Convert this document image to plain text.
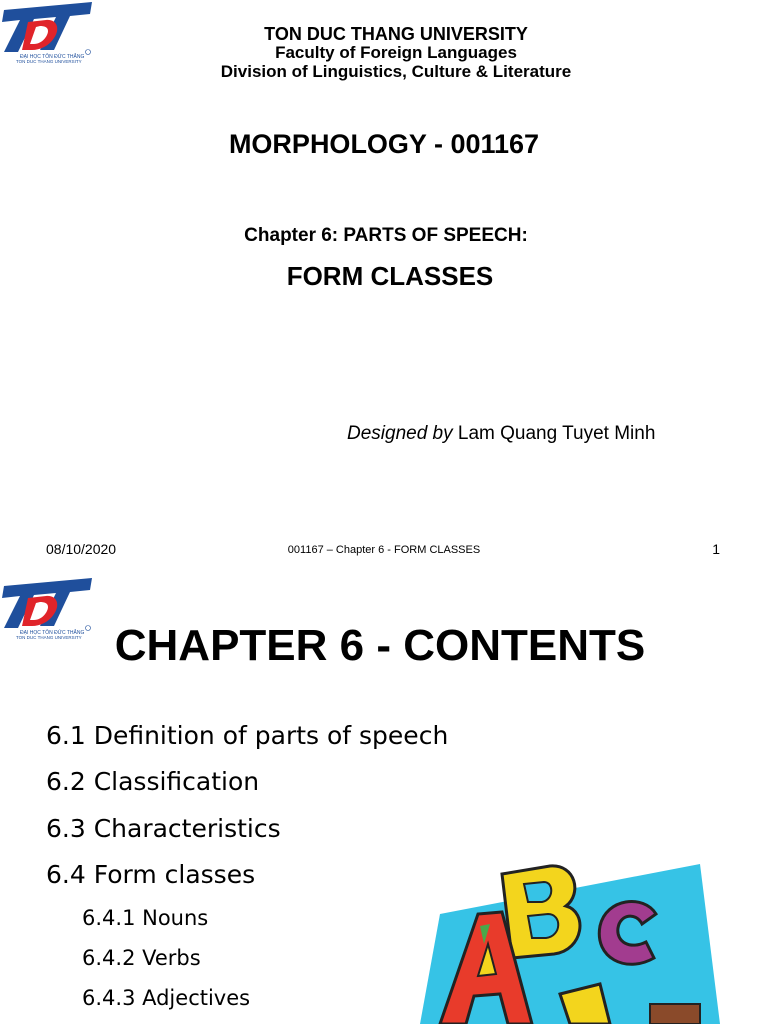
ĐẠI HỌC TÔN ĐỨC THẮNG
TON DUC THANG UNIVERSITY
TON DUC THANG UNIVERSITY
Faculty of Foreign Languages
Division of Linguistics, Culture & Literature
MORPHOLOGY - 001167
Chapter 6: PARTS OF SPEECH:
FORM CLASSES
Designed by Lam Quang Tuyet Minh
08/10/2020	001167 – Chapter 6 - FORM CLASSES	1
ĐẠI HỌC TÔN ĐỨC THẮNG
TON DUC THANG UNIVERSITY CHAPTER 6 - CONTENTS
6.1 Definition of parts of speech
6.2 Classification
6.3 Characteristics
6.4 Form classes
6.4.1 Nouns
6.4.2 Verbs
6.4.3 Adjectives
